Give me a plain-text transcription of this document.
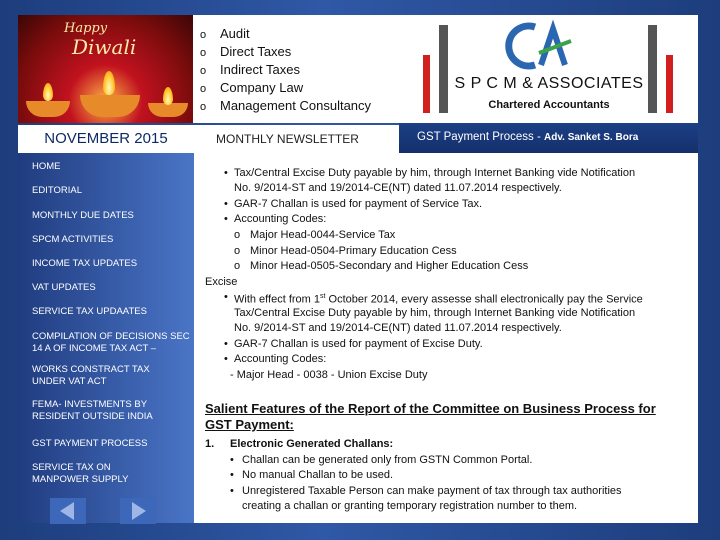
Happy
Diwali	o Audit
o Direct Taxes
o Indirect Taxes
o Company Law
o Management Consultancy
S P C M & ASSOCIATES
Chartered Accountants
NOVEMBER 2015	MONTHLY NEWSLETTER	GST Payment Process - Adv. Sanket S. Bora
HOME
EDITORIAL
MONTHLY DUE DATES
SPCM ACTIVITIES
INCOME TAX UPDATES
VAT UPDATES
SERVICE TAX UPDAATES
COMPILATION OF DECISIONS SEC 14 A OF INCOME TAX ACT –
WORKS CONSTRACT TAX UNDER VAT ACT
FEMA- INVESTMENTS BY RESIDENT OUTSIDE INDIA
GST PAYMENT PROCESS
SERVICE TAX ON MANPOWER SUPPLY
• Tax/Central Excise Duty payable by him, through Internet Banking vide Notification
No. 9/2014-ST and 19/2014-CE(NT) dated 11.07.2014 respectively.
• GAR-7 Challan is used for payment of Service Tax.
• Accounting Codes:
o Major Head-0044-Service Tax
o Minor Head-0504-Primary Education Cess
o Minor Head-0505-Secondary and Higher Education Cess
Excise
• With effect from 1st October 2014, every assesse shall electronically pay the Service
Tax/Central Excise Duty payable by him, through Internet Banking vide Notification
No. 9/2014-ST and 19/2014-CE(NT) dated 11.07.2014 respectively.
• GAR-7 Challan is used for payment of Excise Duty.
• Accounting Codes:
- Major Head - 0038 - Union Excise Duty
Salient Features of the Report of the Committee on Business Process for GST Payment:
1. Electronic Generated Challans:
• Challan can be generated only from GSTN Common Portal.
• No manual Challan to be used.
• Unregistered Taxable Person can make payment of tax through tax authorities
creating a challan or granting temporary registration number to them.
